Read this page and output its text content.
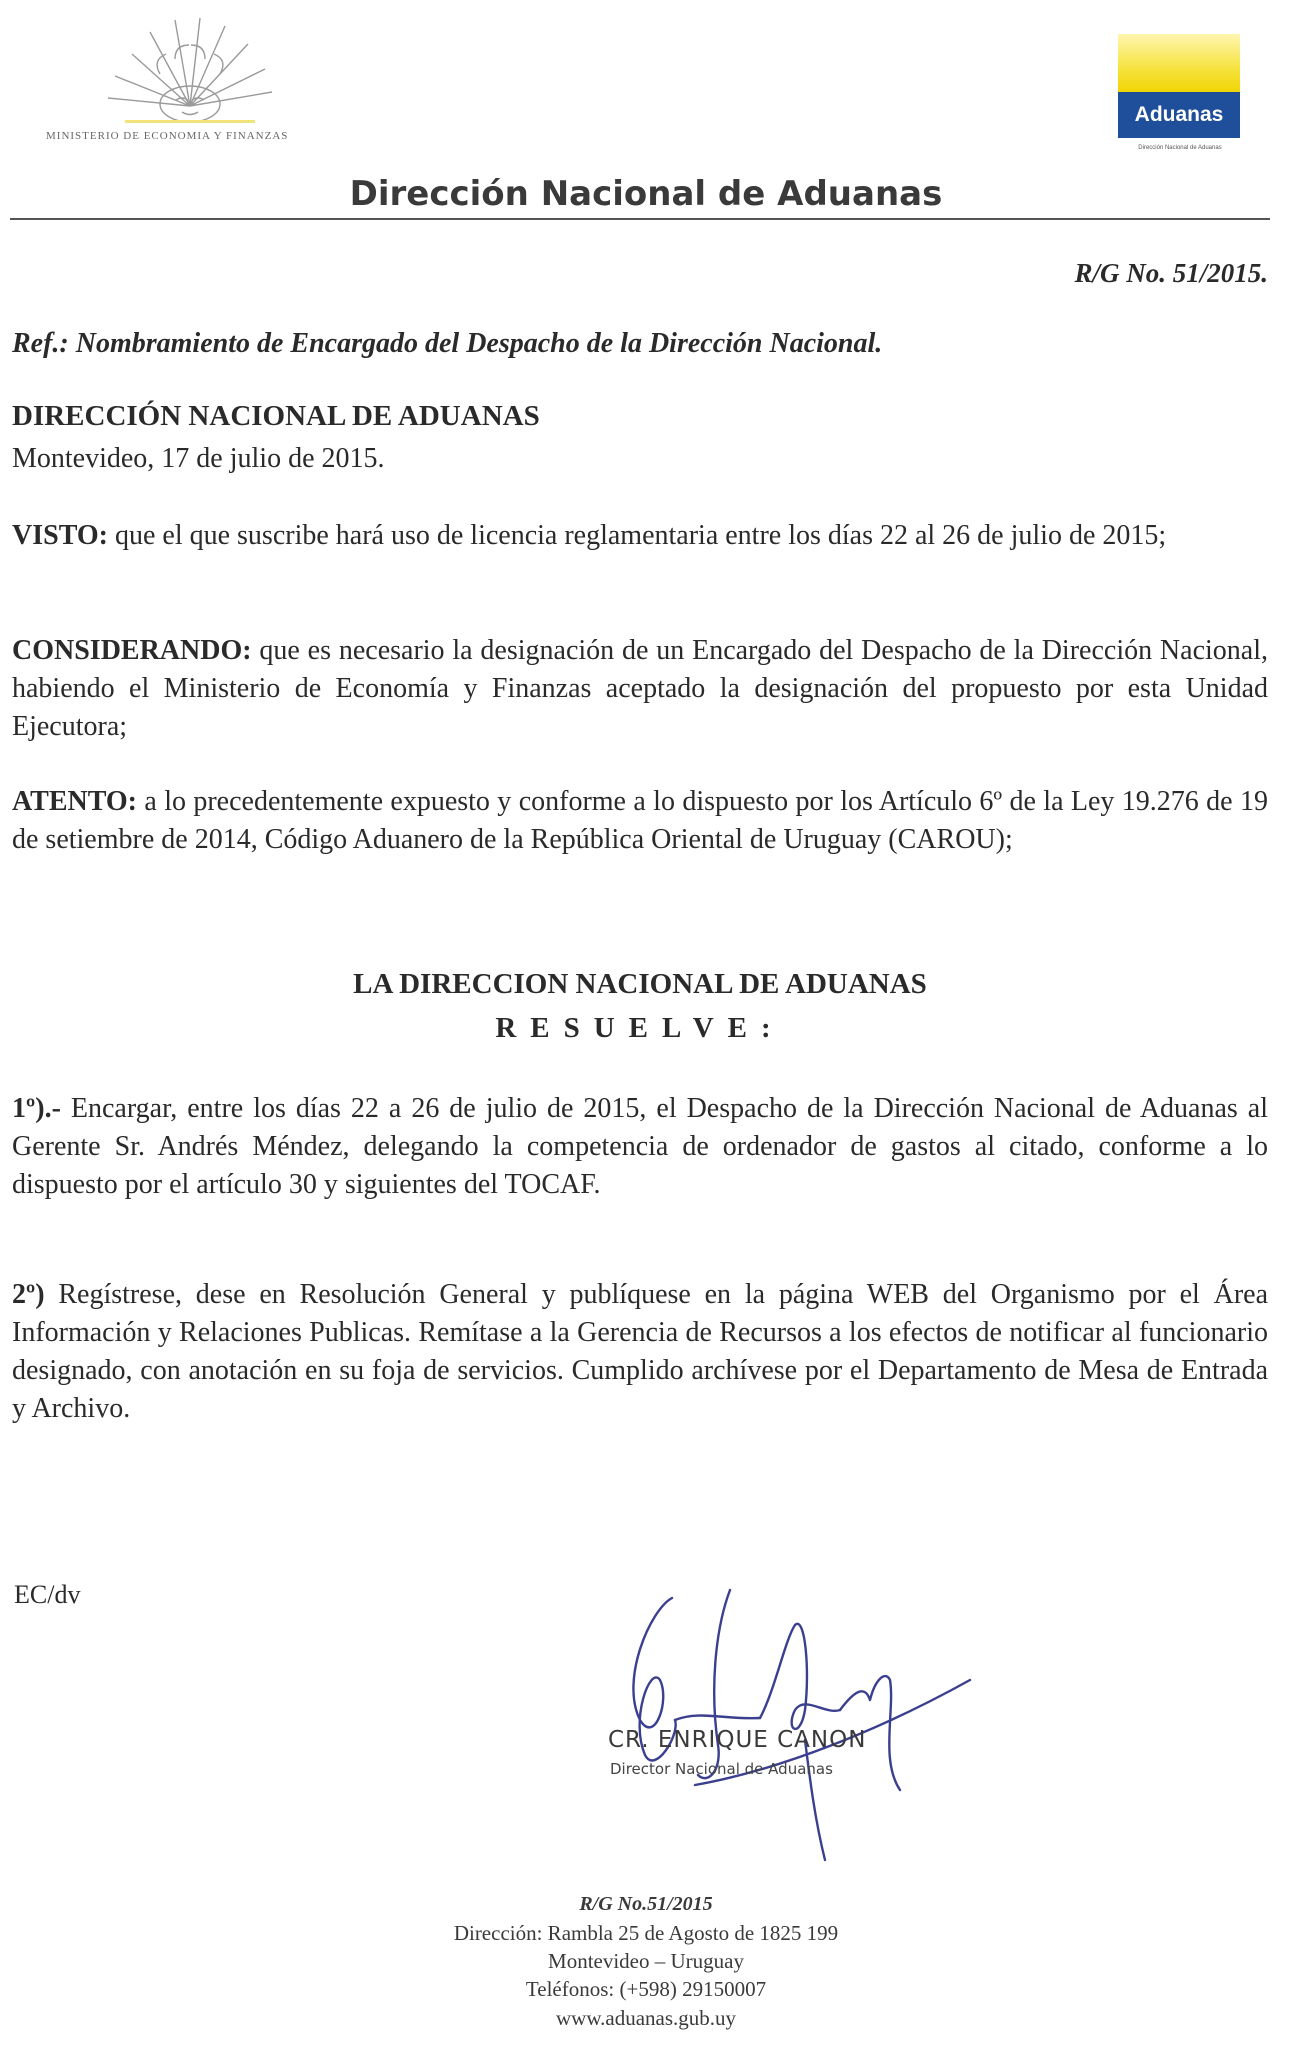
MINISTERIO DE ECONOMIA Y FINANZAS
Aduanas
Dirección Nacional de Aduanas
Dirección Nacional de Aduanas
R/G No. 51/2015.
Ref.: Nombramiento de Encargado del Despacho de la Dirección Nacional.
DIRECCIÓN NACIONAL DE ADUANAS
Montevideo, 17 de julio de 2015.
VISTO: que el que suscribe hará uso de licencia reglamentaria entre los días 22 al 26 de julio de 2015;
CONSIDERANDO: que es necesario la designación de un Encargado del Despacho de la Dirección Nacional, habiendo el Ministerio de Economía y Finanzas aceptado la designación del propuesto por esta Unidad Ejecutora;
ATENTO: a lo precedentemente expuesto y conforme a lo dispuesto por los Artículo 6º de la Ley 19.276 de 19 de setiembre de 2014, Código Aduanero de la República Oriental de Uruguay (CAROU);
LA DIRECCION NACIONAL DE ADUANAS
RESUELVE:
1º).- Encargar, entre los días 22 a 26 de julio de 2015, el Despacho de la Dirección Nacional de Aduanas al Gerente Sr. Andrés Méndez, delegando la competencia de ordenador de gastos al citado, conforme a lo dispuesto por el artículo 30 y siguientes del TOCAF.
2º) Regístrese, dese en Resolución General y publíquese en la página WEB del Organismo por el Área Información y Relaciones Publicas. Remítase a la Gerencia de Recursos a los efectos de notificar al funcionario designado, con anotación en su foja de servicios. Cumplido archívese por el Departamento de Mesa de Entrada y Archivo.
EC/dv
CR. ENRIQUE CANON
Director Nacional de Aduanas
R/G No.51/2015
Dirección: Rambla 25 de Agosto de 1825 199
Montevideo – Uruguay
Teléfonos: (+598) 29150007
www.aduanas.gub.uy
